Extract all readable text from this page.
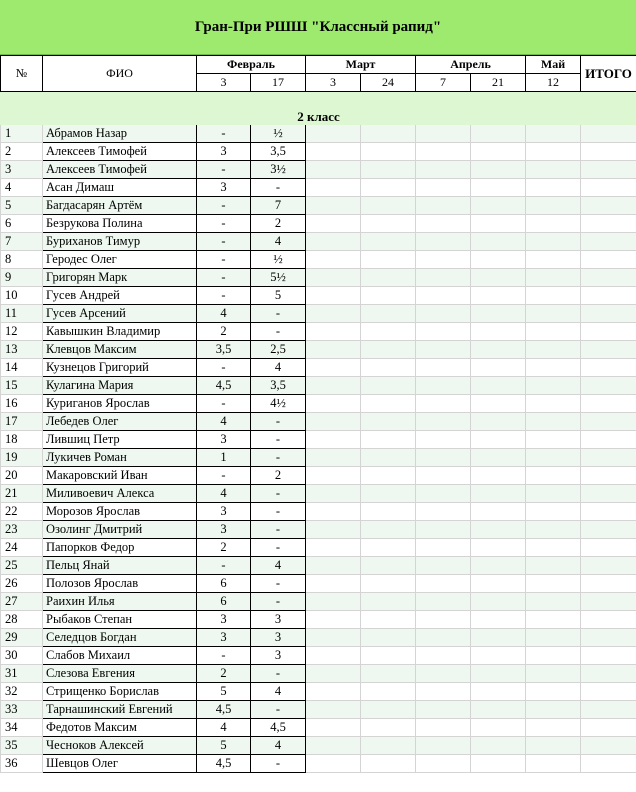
Гран-При РШШ "Классный рапид"
№	ФИО	Февраль		Март		Апрель		Май	ИТОГО
		3	17	3	24	7	21	12	
2 класс									
1	Абрамов Назар	-	½						
2	Алексеев Тимофей	3	3,5						
3	Алексеев Тимофей	-	3½						
4	Асан Димаш	3	-						
5	Багдасарян Артём	-	7						
6	Безрукова Полина	-	2						
7	Буриханов Тимур	-	4						
8	Геродес Олег	-	½						
9	Григорян Марк	-	5½						
10	Гусев Андрей	-	5						
11	Гусев Арсений	4	-						
12	Кавышкин Владимир	2	-						
13	Клевцов Максим	3,5	2,5						
14	Кузнецов Григорий	-	4						
15	Кулагина Мария	4,5	3,5						
16	Куриганов Ярослав	-	4½						
17	Лебедев Олег	4	-						
18	Лившиц Петр	3	-						
19	Лукичев Роман	1	-						
20	Макаровский Иван	-	2						
21	Миливоевич Алекса	4	-						
22	Морозов Ярослав	3	-						
23	Озолинг Дмитрий	3	-						
24	Папорков Федор	2	-						
25	Пельц Янай	-	4						
26	Полозов Ярослав	6	-						
27	Раихин Илья	6	-						
28	Рыбаков Степан	3	3						
29	Селедцов Богдан	3	3						
30	Слабов Михаил	-	3						
31	Слезова Евгения	2	-						
32	Стрищенко Борислав	5	4						
33	Тарнашинский Евгений	4,5	-						
34	Федотов Максим	4	4,5						
35	Чесноков Алексей	5	4						
36	Шевцов Олег	4,5	-						
